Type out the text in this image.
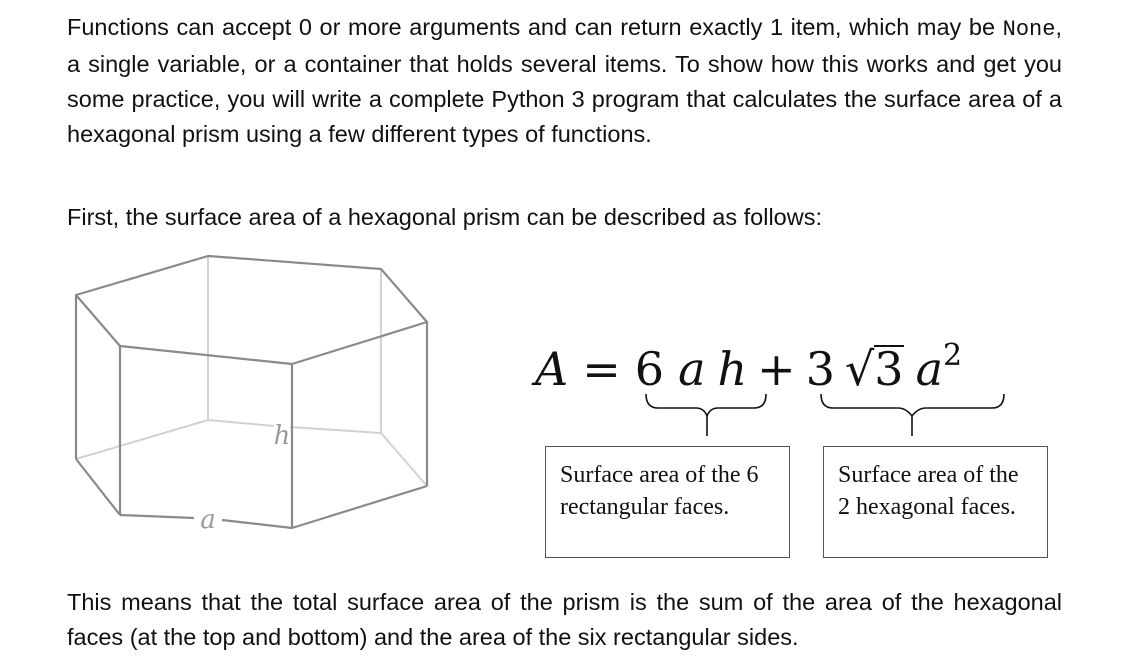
Functions can accept 0 or more arguments and can return exactly 1 item, which may be None, a single variable, or a container that holds several items. To show how this works and get you some practice, you will write a complete Python 3 program that calculates the surface area of a hexagonal prism using a few different types of functions.

First, the surface area of a hexagonal prism can be described as follows:

h
a
A = 6 a h + 3 √3 $a^2$
Surface area of the 6 rectangular faces.
Surface area of the 2 hexagonal faces.

This means that the total surface area of the prism is the sum of the area of the hexagonal faces (at the top and bottom) and the area of the six rectangular sides.
